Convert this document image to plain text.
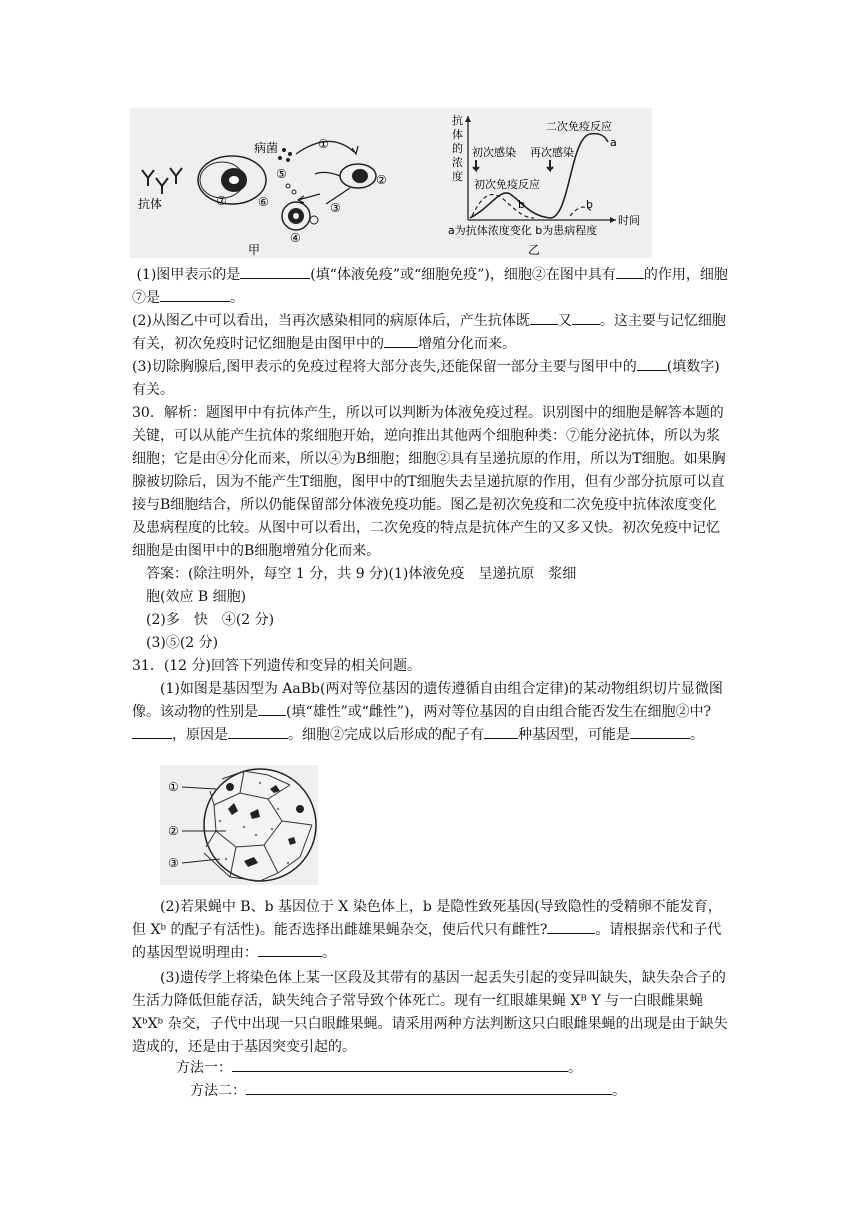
抗体	⑦
病菌	①
⑤
⑥	③
②
④
甲
抗
体
的
浓
度
时间
二次免疫反应
初次感染 再次感染
初次免疫反应
a
b	b
a为抗体浓度变化 b为患病程度
乙
(1)图甲表示的是	(填“体液免疫”或“细胞免疫”)，细胞②在图中具有 的作用，细胞⑦是	。
(2)从图乙中可以看出，当再次感染相同的病原体后，产生抗体既 又 。这主要与记忆细胞有关，初次免疫时记忆细胞是由图甲中的 增殖分化而来。
(3)切除胸腺后,图甲表示的免疫过程将大部分丧失,还能保留一部分主要与图甲中的 (填数字)有关。
30．解析：题图甲中有抗体产生，所以可以判断为体液免疫过程。识别图中的细胞是解答本题的关键，可以从能产生抗体的浆细胞开始，逆向推出其他两个细胞种类：⑦能分泌抗体，所以为浆细胞；它是由④分化而来，所以④为B细胞；细胞②具有呈递抗原的作用，所以为T细胞。如果胸腺被切除后，因为不能产生T细胞，图甲中的T细胞失去呈递抗原的作用，但有少部分抗原可以直接与B细胞结合，所以仍能保留部分体液免疫功能。图乙是初次免疫和二次免疫中抗体浓度变化及患病程度的比较。从图中可以看出，二次免疫的特点是抗体产生的又多又快。初次免疫中记忆细胞是由图甲中的B细胞增殖分化而来。
答案：(除注明外，每空 1 分，共 9 分)(1)体液免疫　呈递抗原　浆细
胞(效应 B 细胞)
(2)多　快　④(2 分)
(3)⑤(2 分)
31．(12 分)回答下列遗传和变异的相关问题。
(1)如图是基因型为 AaBb(两对等位基因的遗传遵循自由组合定律)的某动物组织切片显微图像。该动物的性别是 (填“雄性”或“雌性”)，两对等位基因的自由组合能否发生在细胞②中?，原因是	。细胞②完成以后形成的配子有 种基因型，可能是	。
①
②
③
(2)若果蝇中 B、b 基因位于 X 染色体上，b 是隐性致死基因(导致隐性的受精卵不能发育，但 Xᵇ 的配子有活性)。能否选择出雌雄果蝇杂交，使后代只有雌性?	。请根据亲代和子代的基因型说明理由：	。
(3)遗传学上将染色体上某一区段及其带有的基因一起丢失引起的变异叫缺失，缺失杂合子的生活力降低但能存活，缺失纯合子常导致个体死亡。现有一红眼雄果蝇 Xᴮ Y 与一白眼雌果蝇 XᵇXᵇ 杂交，子代中出现一只白眼雌果蝇。请采用两种方法判断这只白眼雌果蝇的出现是由于缺失造成的，还是由于基因突变引起的。
方法一：	。
方法二：	。
